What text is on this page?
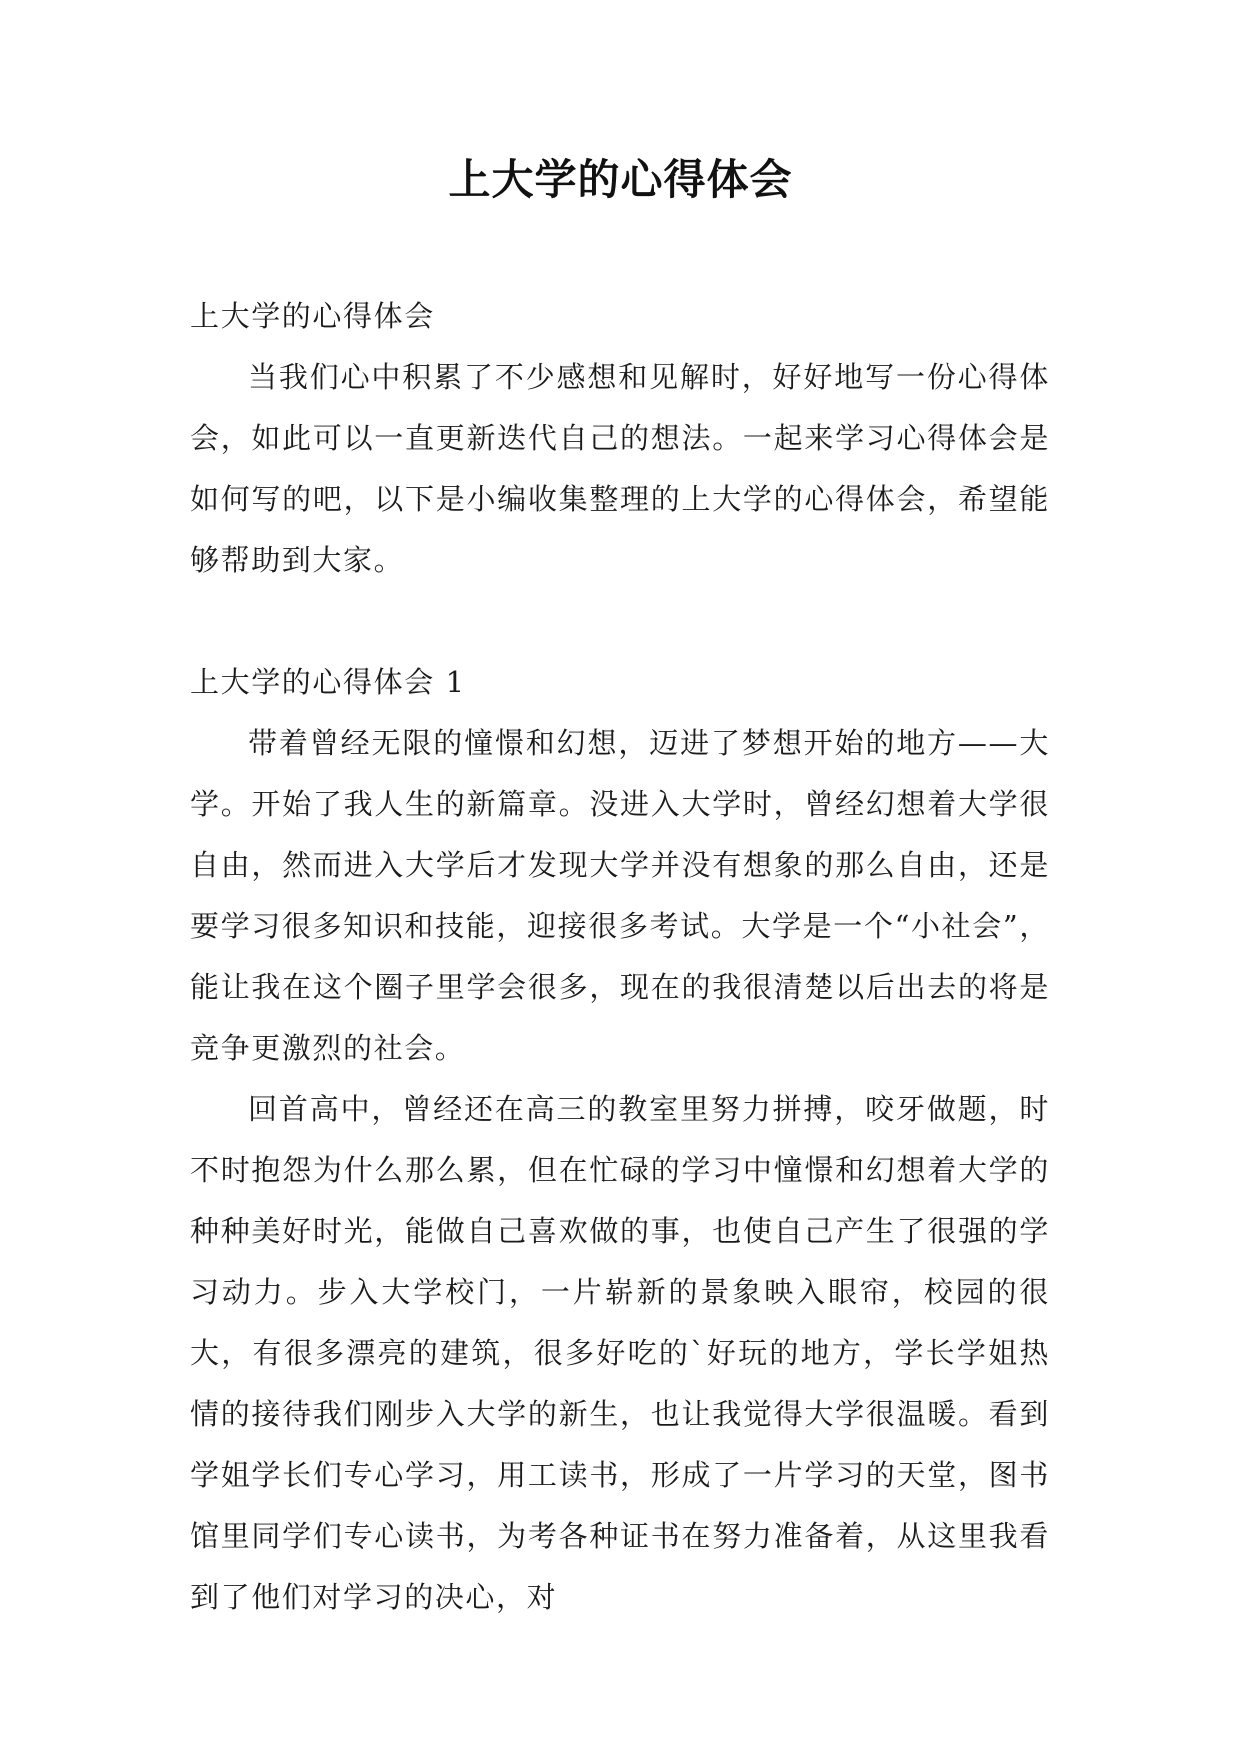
上大学的心得体会

上大学的心得体会

当我们心中积累了不少感想和见解时，好好地写一份心得体会，如此可以一直更新迭代自己的想法。一起来学习心得体会是如何写的吧，以下是小编收集整理的上大学的心得体会，希望能够帮助到大家。

上大学的心得体会 1

带着曾经无限的憧憬和幻想，迈进了梦想开始的地方——大学。开始了我人生的新篇章。没进入大学时，曾经幻想着大学很自由，然而进入大学后才发现大学并没有想象的那么自由，还是要学习很多知识和技能，迎接很多考试。大学是一个“小社会”，能让我在这个圈子里学会很多，现在的我很清楚以后出去的将是竞争更激烈的社会。

回首高中，曾经还在高三的教室里努力拼搏，咬牙做题，时不时抱怨为什么那么累，但在忙碌的学习中憧憬和幻想着大学的种种美好时光，能做自己喜欢做的事，也使自己产生了很强的学习动力。步入大学校门，一片崭新的景象映入眼帘，校园的很大，有很多漂亮的建筑，很多好吃的`好玩的地方，学长学姐热情的接待我们刚步入大学的新生，也让我觉得大学很温暖。看到学姐学长们专心学习，用工读书，形成了一片学习的天堂，图书馆里同学们专心读书，为考各种证书在努力准备着，从这里我看到了他们对学习的决心，对
